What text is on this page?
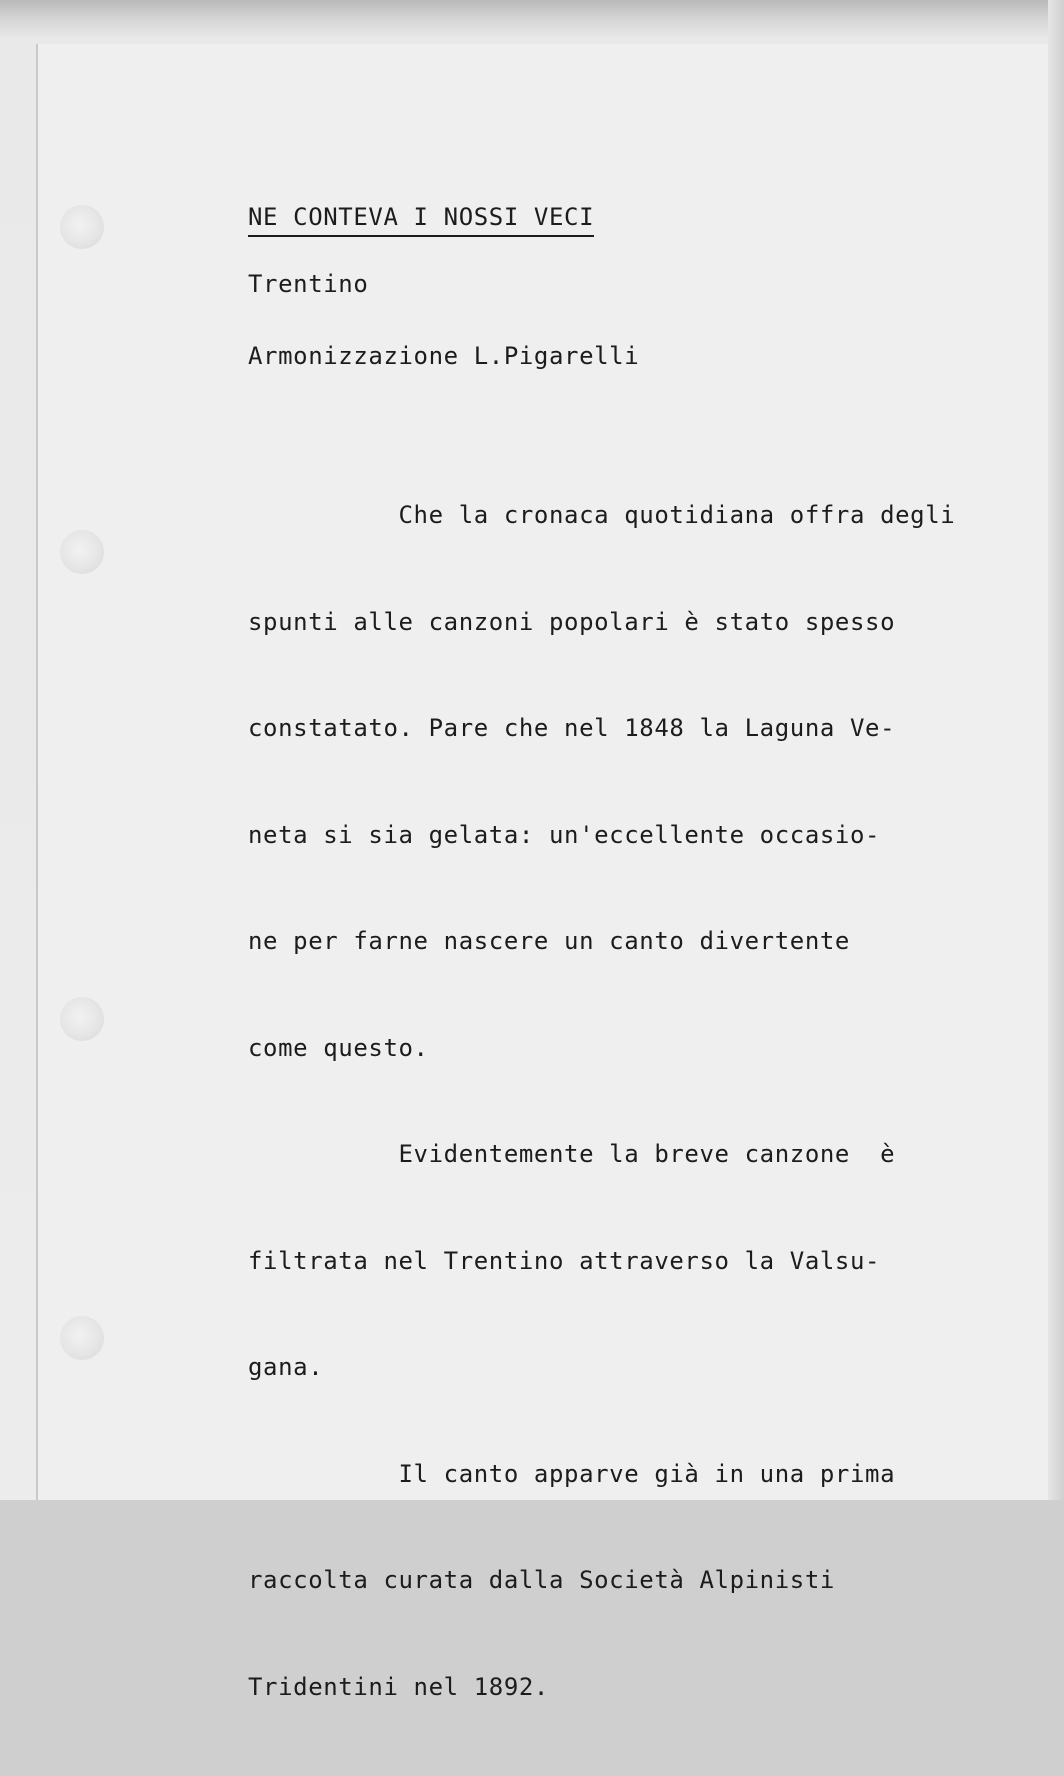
NE CONTEVA I NOSSI VECI
Trentino
Armonizzazione L.Pigarelli

Che la cronaca quotidiana offra degli

spunti alle canzoni popolari è stato spesso

constatato. Pare che nel 1848 la Laguna Ve-

neta si sia gelata: un'eccellente occasio-

ne per farne nascere un canto divertente

come questo.

Evidentemente la breve canzone  è

filtrata nel Trentino attraverso la Valsu-

gana.

Il canto apparve già in una prima

raccolta curata dalla Società Alpinisti

Tridentini nel 1892.
